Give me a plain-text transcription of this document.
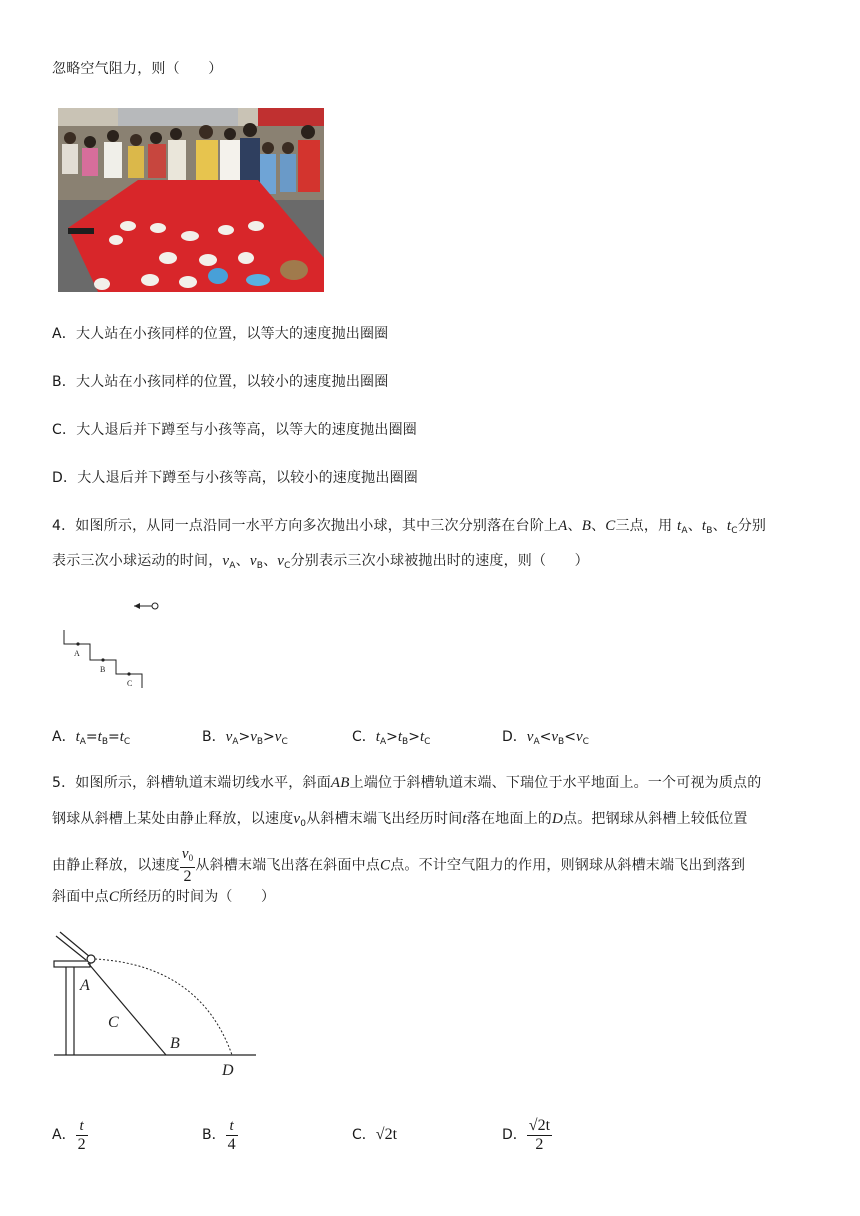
忽略空气阻力，则（　　）
A．大人站在小孩同样的位置，以等大的速度抛出圈圈
B．大人站在小孩同样的位置，以较小的速度抛出圈圈
C．大人退后并下蹲至与小孩等高，以等大的速度抛出圈圈
D．大人退后并下蹲至与小孩等高，以较小的速度抛出圈圈
4．如图所示，从同一点沿同一水平方向多次抛出小球，其中三次分别落在台阶上A、B、C三点，用 $t_A$、$t_B$、$t_C$分别
表示三次小球运动的时间，$v_A$、$v_B$、$v_C$分别表示三次小球被抛出时的速度，则（　　）
A
B
C
A．$t_A=t_B=t_C$	B．$v_A>v_B>v_C$	C．$t_A>t_B>t_C$	D．$v_A<v_B<v_C$
5．如图所示，斜槽轨道末端切线水平，斜面AB上端位于斜槽轨道末端、下瑞位于水平地面上。一个可视为质点的
钢球从斜槽上某处由静止释放，以速度$v_0$从斜槽末端飞出经历时间t落在地面上的D点。把钢球从斜槽上较低位置
由静止释放，以速度 $\frac{v_0}{2}$ 从斜槽末端飞出落在斜面中点C点。不计空气阻力的作用，则钢球从斜槽末端飞出到落到
斜面中点C所经历的时间为（　　）
A
C
B
D
A． $\frac{t}{2}$	B． $\frac{t}{4}$	C．√2t	D． $\frac{√2t}{2}$
